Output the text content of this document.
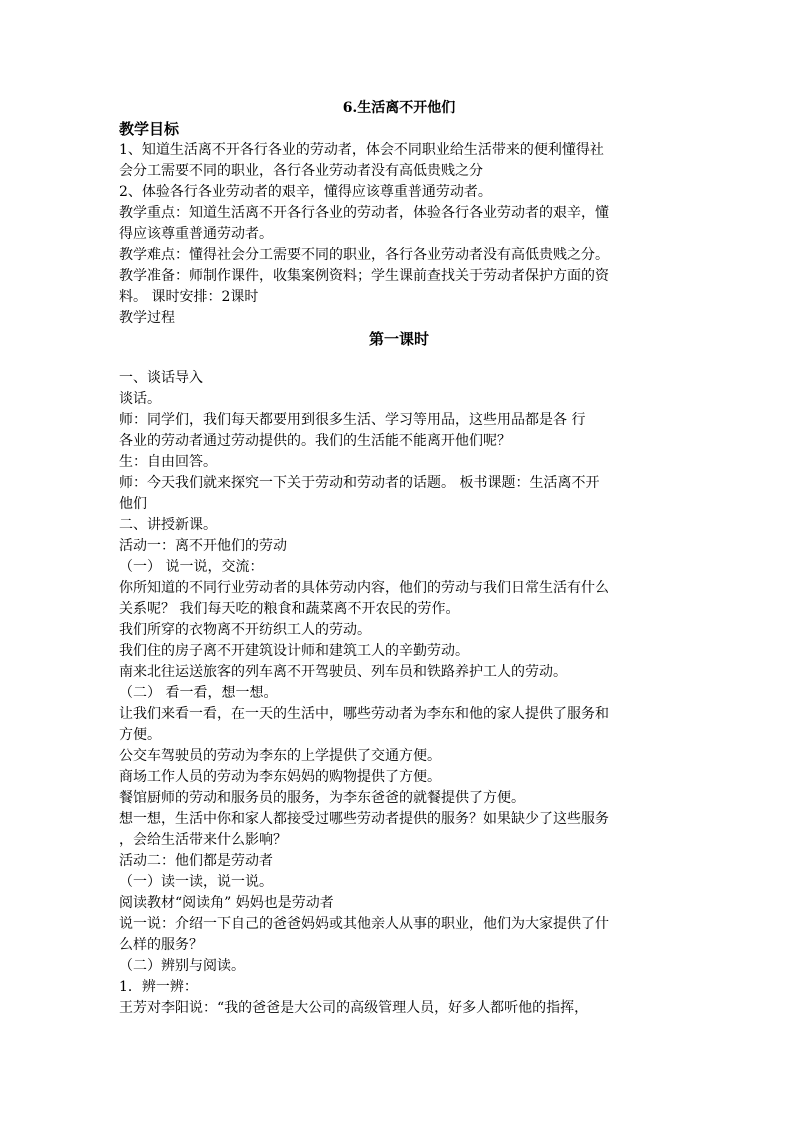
6.生活离不开他们
教学目标
1、知道生活离不开各行各业的劳动者，体会不同职业给生活带来的便利懂得社
会分工需要不同的职业，各行各业劳动者没有高低贵贱之分
2、体验各行各业劳动者的艰辛，懂得应该尊重普通劳动者。
教学重点：知道生活离不开各行各业的劳动者，体验各行各业劳动者的艰辛，懂
得应该尊重普通劳动者。
教学难点：懂得社会分工需要不同的职业，各行各业劳动者没有高低贵贱之分。
教学准备：师制作课件，收集案例资料；学生课前查找关于劳动者保护方面的资
料。 课时安排：2课时
教学过程
第一课时
一、谈话导入
谈话。
师：同学们，我们每天都要用到很多生活、学习等用品，这些用品都是各 行
各业的劳动者通过劳动提供的。我们的生活能不能离开他们呢？
生：自由回答。
师：今天我们就来探究一下关于劳动和劳动者的话题。 板书课题：生活离不开
他们
二、讲授新课。
活动一：离不开他们的劳动
（一） 说一说，交流：
你所知道的不同行业劳动者的具体劳动内容，他们的劳动与我们日常生活有什么
关系呢？ 我们每天吃的粮食和蔬菜离不开农民的劳作。
我们所穿的衣物离不开纺织工人的劳动。
我们住的房子离不开建筑设计师和建筑工人的辛勤劳动。
南来北往运送旅客的列车离不开驾驶员、列车员和铁路养护工人的劳动。
（二） 看一看，想一想。
让我们来看一看，在一天的生活中，哪些劳动者为李东和他的家人提供了服务和
方便。
公交车驾驶员的劳动为李东的上学提供了交通方便。
商场工作人员的劳动为李东妈妈的购物提供了方便。
餐馆厨师的劳动和服务员的服务，为李东爸爸的就餐提供了方便。
想一想，生活中你和家人都接受过哪些劳动者提供的服务？如果缺少了这些服务
，会给生活带来什么影响？
活动二：他们都是劳动者
（一）读一读，说一说。
阅读教材“阅读角” 妈妈也是劳动者
说一说：介绍一下自己的爸爸妈妈或其他亲人从事的职业，他们为大家提供了什
么样的服务？
（二）辨别与阅读。
1．辨一辨：
王芳对李阳说：“我的爸爸是大公司的高级管理人员，好多人都听他的指挥，
